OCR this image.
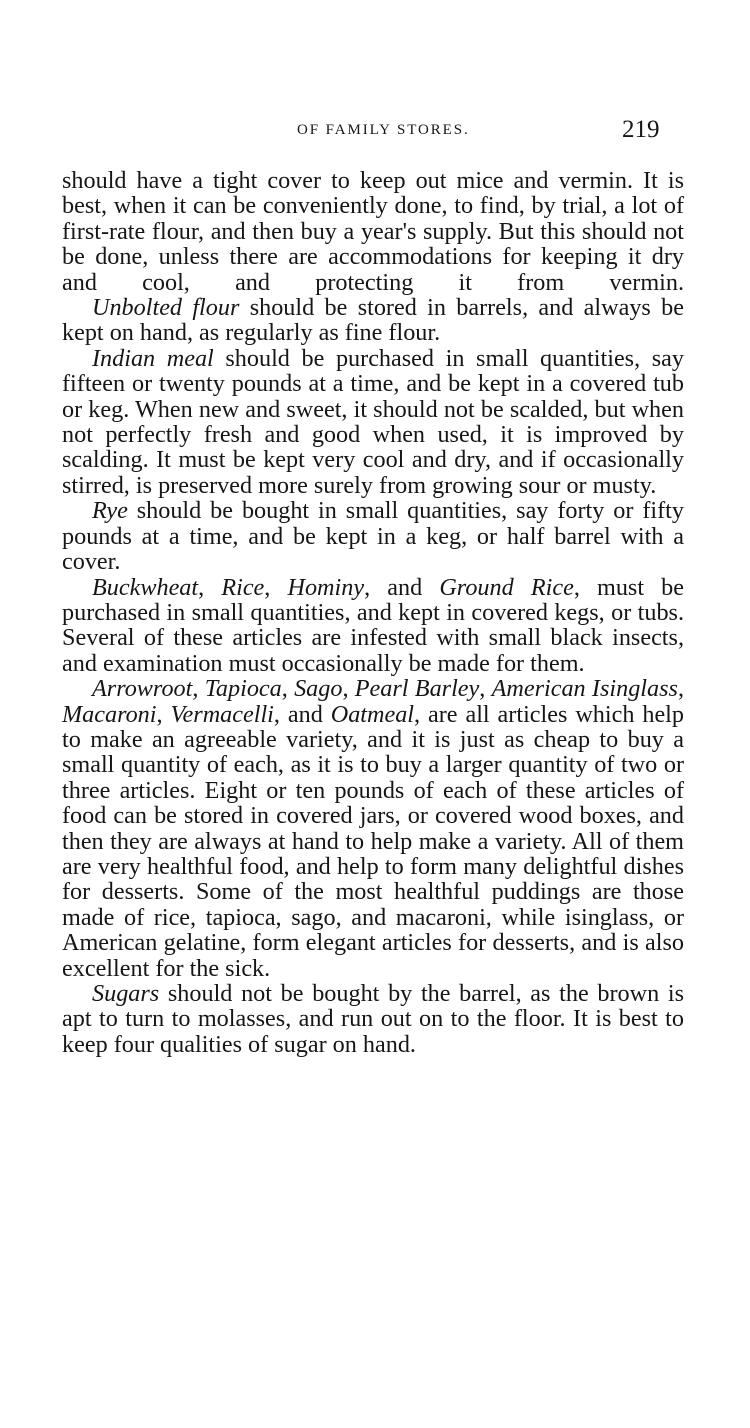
OF FAMILY STORES.	219

should have a tight cover to keep out mice and vermin. It is best, when it can be conveniently done, to find, by trial, a lot of first-rate flour, and then buy a year's supply. But this should not be done, unless there are accommodations for keeping it dry and cool, and protecting it from vermin.

Unbolted flour should be stored in barrels, and always be kept on hand, as regularly as fine flour.

Indian meal should be purchased in small quantities, say fifteen or twenty pounds at a time, and be kept in a covered tub or keg. When new and sweet, it should not be scalded, but when not perfectly fresh and good when used, it is improved by scalding. It must be kept very cool and dry, and if occasionally stirred, is preserved more surely from growing sour or musty.

Rye should be bought in small quantities, say forty or fifty pounds at a time, and be kept in a keg, or half barrel with a cover.

Buckwheat, Rice, Hominy, and Ground Rice, must be purchased in small quantities, and kept in covered kegs, or tubs. Several of these articles are infested with small black insects, and examination must occasionally be made for them.

Arrowroot, Tapioca, Sago, Pearl Barley, American Isinglass, Macaroni, Vermacelli, and Oatmeal, are all articles which help to make an agreeable variety, and it is just as cheap to buy a small quantity of each, as it is to buy a larger quantity of two or three articles. Eight or ten pounds of each of these articles of food can be stored in covered jars, or covered wood boxes, and then they are always at hand to help make a variety. All of them are very healthful food, and help to form many delightful dishes for desserts. Some of the most healthful puddings are those made of rice, tapioca, sago, and macaroni, while isinglass, or American gelatine, form elegant articles for desserts, and is also excellent for the sick.

Sugars should not be bought by the barrel, as the brown is apt to turn to molasses, and run out on to the floor. It is best to keep four qualities of sugar on hand.
